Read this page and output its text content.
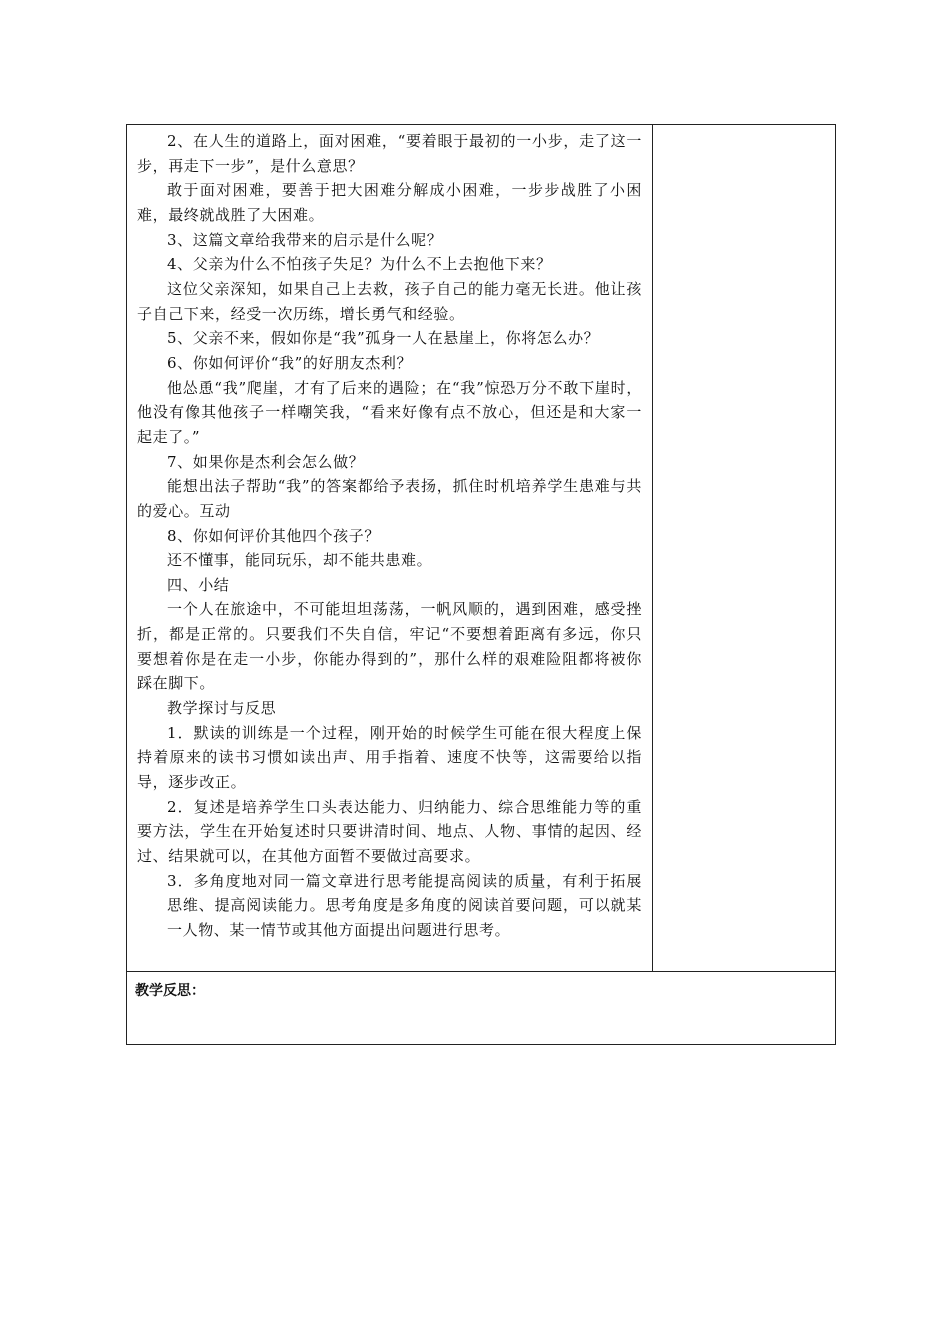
2、在人生的道路上，面对困难，“要着眼于最初的一小步，走了这一步，再走下一步”，是什么意思？

敢于面对困难，要善于把大困难分解成小困难，一步步战胜了小困难，最终就战胜了大困难。

3、这篇文章给我带来的启示是什么呢？

4、父亲为什么不怕孩子失足？为什么不上去抱他下来？

这位父亲深知，如果自己上去救，孩子自己的能力毫无长进。他让孩子自己下来，经受一次历练，增长勇气和经验。

5、父亲不来，假如你是“我”孤身一人在悬崖上，你将怎么办？

6、你如何评价“我”的好朋友杰利？

他怂恿“我”爬崖，才有了后来的遇险；在“我”惊恐万分不敢下崖时，他没有像其他孩子一样嘲笑我，“看来好像有点不放心，但还是和大家一起走了。”

7、如果你是杰利会怎么做？

能想出法子帮助“我”的答案都给予表扬，抓住时机培养学生患难与共的爱心。互动

8、你如何评价其他四个孩子？

还不懂事，能同玩乐，却不能共患难。

四、小结

一个人在旅途中，不可能坦坦荡荡，一帆风顺的，遇到困难，感受挫折，都是正常的。只要我们不失自信，牢记“不要想着距离有多远，你只要想着你是在走一小步，你能办得到的”，那什么样的艰难险阻都将被你踩在脚下。

教学探讨与反思

1．默读的训练是一个过程，刚开始的时候学生可能在很大程度上保持着原来的读书习惯如读出声、用手指着、速度不快等，这需要给以指导，逐步改正。

2．复述是培养学生口头表达能力、归纳能力、综合思维能力等的重要方法，学生在开始复述时只要讲清时间、地点、人物、事情的起因、经过、结果就可以，在其他方面暂不要做过高要求。

3．多角度地对同一篇文章进行思考能提高阅读的质量，有利于拓展思维、提高阅读能力。思考角度是多角度的阅读首要问题，可以就某一人物、某一情节或其他方面提出问题进行思考。

教学反思：
